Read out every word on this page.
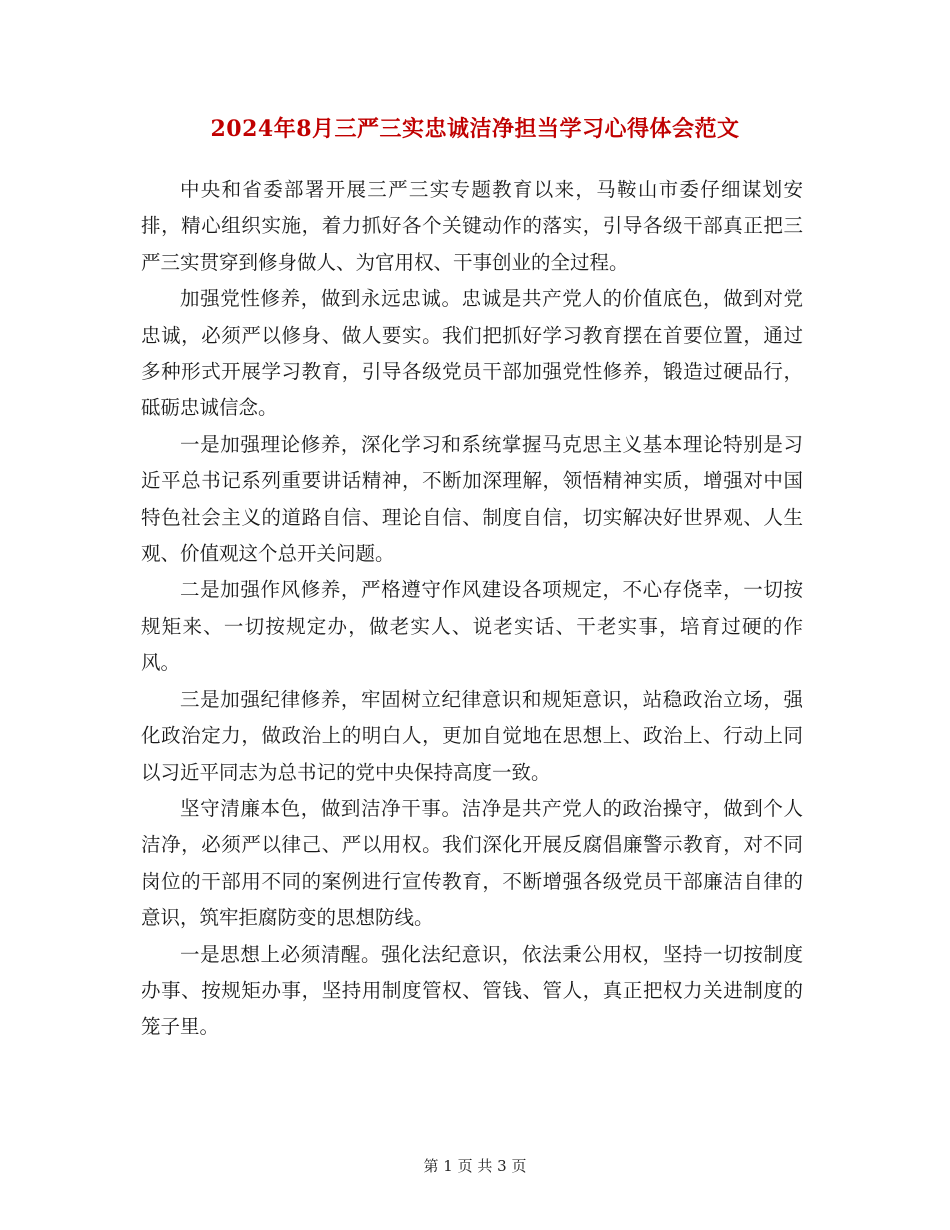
2024年8月三严三实忠诚洁净担当学习心得体会范文

中央和省委部署开展三严三实专题教育以来，马鞍山市委仔细谋划安排，精心组织实施，着力抓好各个关键动作的落实，引导各级干部真正把三严三实贯穿到修身做人、为官用权、干事创业的全过程。

加强党性修养，做到永远忠诚。忠诚是共产党人的价值底色，做到对党忠诚，必须严以修身、做人要实。我们把抓好学习教育摆在首要位置，通过多种形式开展学习教育，引导各级党员干部加强党性修养，锻造过硬品行，砥砺忠诚信念。

一是加强理论修养，深化学习和系统掌握马克思主义基本理论特别是习近平总书记系列重要讲话精神，不断加深理解，领悟精神实质，增强对中国特色社会主义的道路自信、理论自信、制度自信，切实解决好世界观、人生观、价值观这个总开关问题。

二是加强作风修养，严格遵守作风建设各项规定，不心存侥幸，一切按规矩来、一切按规定办，做老实人、说老实话、干老实事，培育过硬的作风。

三是加强纪律修养，牢固树立纪律意识和规矩意识，站稳政治立场，强化政治定力，做政治上的明白人，更加自觉地在思想上、政治上、行动上同以习近平同志为总书记的党中央保持高度一致。

坚守清廉本色，做到洁净干事。洁净是共产党人的政治操守，做到个人洁净，必须严以律己、严以用权。我们深化开展反腐倡廉警示教育，对不同岗位的干部用不同的案例进行宣传教育，不断增强各级党员干部廉洁自律的意识，筑牢拒腐防变的思想防线。

一是思想上必须清醒。强化法纪意识，依法秉公用权，坚持一切按制度办事、按规矩办事，坚持用制度管权、管钱、管人，真正把权力关进制度的笼子里。

第 1 页 共 3 页
